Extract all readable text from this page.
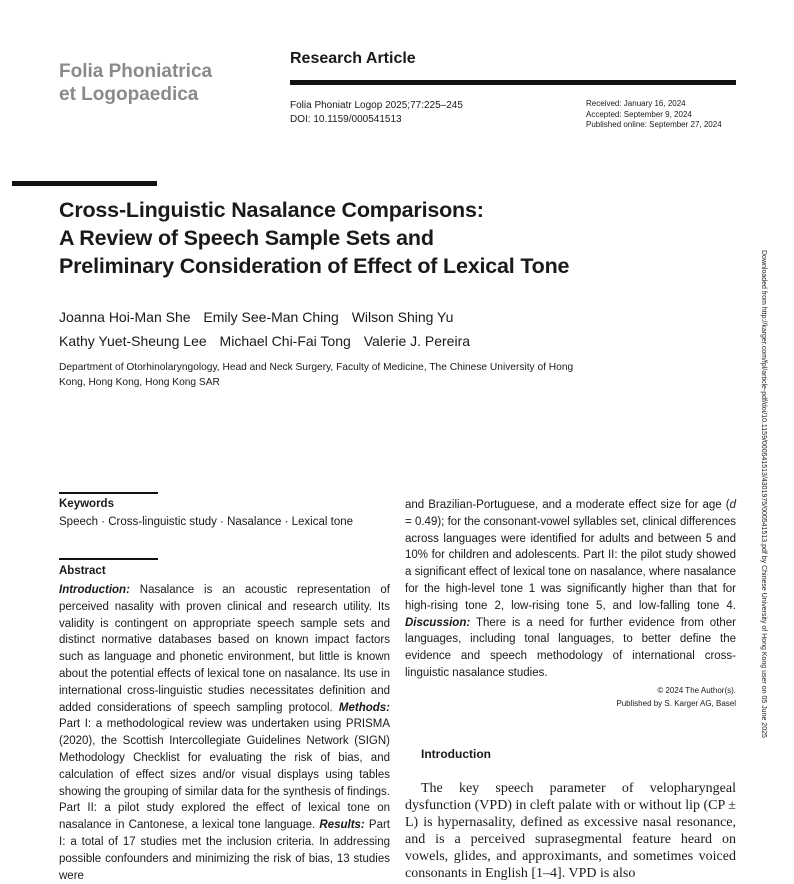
Folia Phoniatrica
et Logopaedica
Research Article
Folia Phoniatr Logop 2025;77:225–245
DOI: 10.1159/000541513
Received: January 16, 2024
Accepted: September 9, 2024
Published online: September 27, 2024
Cross-Linguistic Nasalance Comparisons:
A Review of Speech Sample Sets and
Preliminary Consideration of Effect of Lexical Tone
Joanna Hoi-Man She Emily See-Man Ching Wilson Shing Yu
Kathy Yuet-Sheung Lee Michael Chi-Fai Tong Valerie J. Pereira
Department of Otorhinolaryngology, Head and Neck Surgery, Faculty of Medicine, The Chinese University of Hong Kong, Hong Kong, Hong Kong SAR
Keywords
Speech · Cross-linguistic study · Nasalance · Lexical tone
Abstract
Introduction: Nasalance is an acoustic representation of perceived nasality with proven clinical and research utility. Its validity is contingent on appropriate speech sample sets and distinct normative databases based on known impact factors such as language and phonetic environment, but little is known about the potential effects of lexical tone on nasalance. Its use in international cross-linguistic studies necessitates definition and added considerations of speech sampling protocol. Methods: Part I: a methodological review was undertaken using PRISMA (2020), the Scottish Intercollegiate Guidelines Network (SIGN) Methodology Checklist for evaluating the risk of bias, and calculation of effect sizes and/or visual displays using tables showing the grouping of similar data for the synthesis of findings. Part II: a pilot study explored the effect of lexical tone on nasalance in Cantonese, a lexical tone language. Results: Part I: a total of 17 studies met the inclusion criteria. In addressing possible confounders and minimizing the risk of bias, 13 studies were
and Brazilian-Portuguese, and a moderate effect size for age (d = 0.49); for the consonant-vowel syllables set, clinical differences across languages were identified for adults and between 5 and 10% for children and adolescents. Part II: the pilot study showed a significant effect of lexical tone on nasalance, where nasalance for the high-level tone 1 was significantly higher than that for high-rising tone 2, low-rising tone 5, and low-falling tone 4. Discussion: There is a need for further evidence from other languages, including tonal languages, to better define the evidence and speech methodology of international cross-linguistic nasalance studies.
© 2024 The Author(s).
Published by S. Karger AG, Basel
Introduction

The key speech parameter of velopharyngeal dysfunction (VPD) in cleft palate with or without lip (CP ± L) is hypernasality, defined as excessive nasal resonance, and is a perceived suprasegmental feature heard on vowels, glides, and approximants, and sometimes voiced consonants in English [1–4]. VPD is also

Downloaded from http://karger.com/fpl/article-pdf/doi/10.1159/000541513/4301975/000541513.pdf by Chinese University of Hong Kong user on 05 June 2025
